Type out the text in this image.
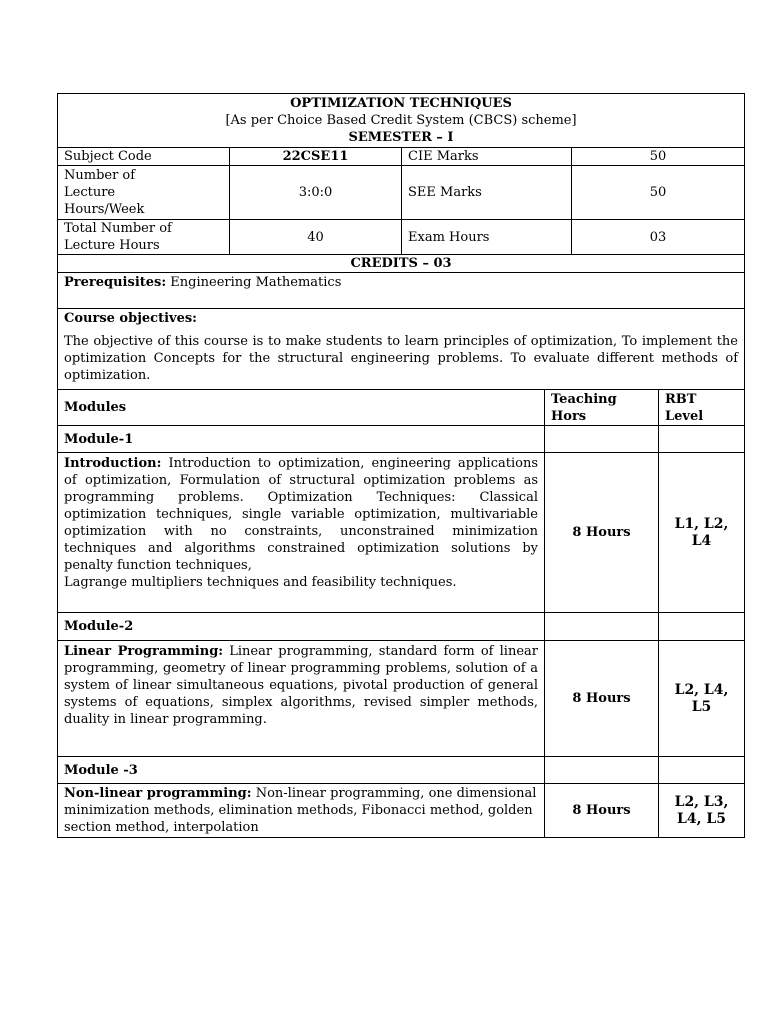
OPTIMIZATION TECHNIQUES
[As per Choice Based Credit System (CBCS) scheme]
SEMESTER – I			

Subject Code	22CSE11	CIE Marks	50
Number of Lecture Hours/Week	3:0:0	SEE Marks	50
Total Number of Lecture Hours	40	Exam Hours	03
CREDITS – 03			
Prerequisites: Engineering Mathematics			

Course objectives:
The objective of this course is to make students to learn principles of optimization, To implement the optimization Concepts for the structural engineering problems. To evaluate different methods of optimization.			
Modules	Teaching Hors	RBT Level
Module-1		

Introduction: Introduction to optimization, engineering applications of optimization, Formulation of structural optimization problems as programming problems. Optimization Techniques: Classical optimization techniques, single variable optimization, multivariable optimization with no constraints, unconstrained minimization techniques and algorithms constrained optimization solutions by penalty function techniques,
Lagrange multipliers techniques and feasibility techniques.	8 Hours	L1, L2, L4
Module-2		

Linear Programming: Linear programming, standard form of linear programming, geometry of linear programming problems, solution of a system of linear simultaneous equations, pivotal production of general systems of equations, simplex algorithms, revised simpler methods, duality in linear programming.	8 Hours	L2, L4, L5
Module -3		

Non-linear programming: Non-linear programming, one dimensional minimization methods, elimination methods, Fibonacci method, golden section method, interpolation	8 Hours	L2, L3, L4, L5
